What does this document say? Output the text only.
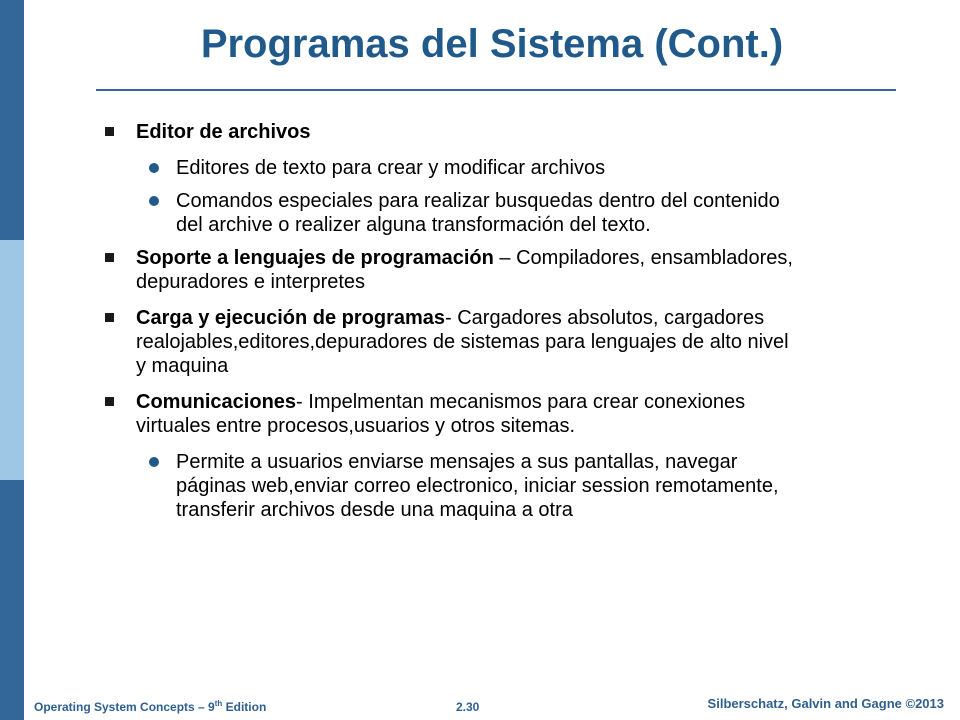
Programas del Sistema (Cont.)
Editor de archivos
Editores de texto para crear y modificar archivos
Comandos especiales para realizar busquedas dentro del contenido del archive o realizer alguna transformación del texto.
Soporte a lenguajes de programación – Compiladores, ensambladores, depuradores e interpretes
Carga y ejecución de programas- Cargadores absolutos, cargadores realojables,editores,depuradores de sistemas para lenguajes de alto nivel y maquina
Comunicaciones- Impelmentan mecanismos para crear conexiones virtuales entre procesos,usuarios y otros sitemas.
Permite a usuarios enviarse mensajes a sus pantallas, navegar páginas web,enviar correo electronico, iniciar session remotamente, transferir archivos desde una maquina a otra
Operating System Concepts – 9th Edition	2.30	Silberschatz, Galvin and Gagne ©2013
